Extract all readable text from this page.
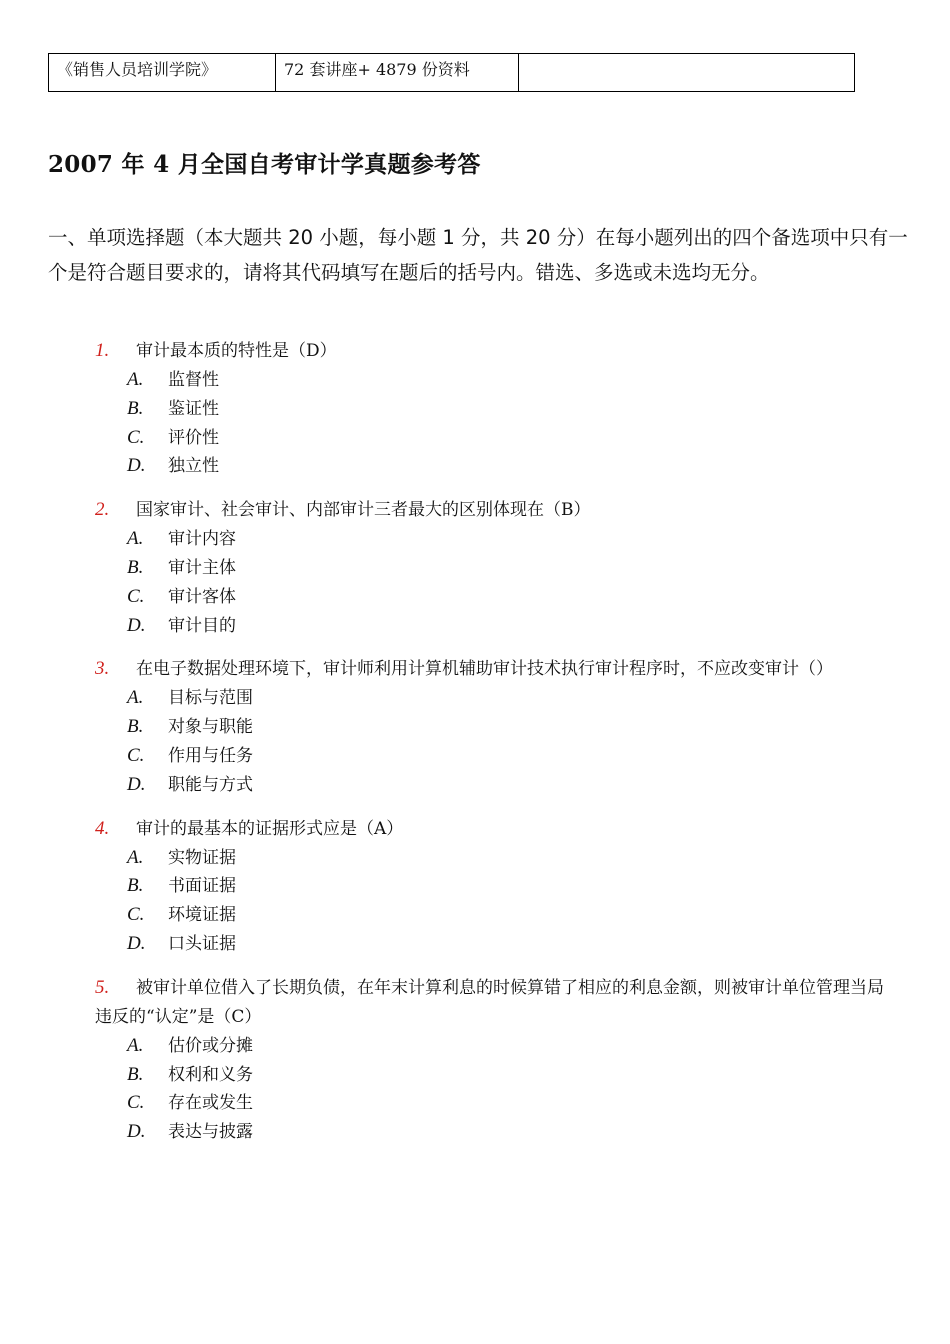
《销售人员培训学院》	72 套讲座+ 4879 份资料	
2007 年 4 月全国自考审计学真题参考答

一、单项选择题（本大题共 20 小题，每小题 1 分，共 20 分）在每小题列出的四个备选项中只有一个是符合题目要求的，请将其代码填写在题后的括号内。错选、多选或未选均无分。

1. 审计最本质的特性是（D）

A. 监督性
B. 鉴证性
C. 评价性
D. 独立性

2. 国家审计、社会审计、内部审计三者最大的区别体现在（B）

A. 审计内容
B. 审计主体
C. 审计客体
D. 审计目的

3. 在电子数据处理环境下，审计师利用计算机辅助审计技术执行审计程序时，不应改变审计（）

A. 目标与范围
B. 对象与职能
C. 作用与任务
D. 职能与方式

4. 审计的最基本的证据形式应是（A）

A. 实物证据
B. 书面证据
C. 环境证据
D. 口头证据

5. 被审计单位借入了长期负债，在年末计算利息的时候算错了相应的利息金额，则被审计单位管理当局违反的“认定”是（C）

A. 估价或分摊
B. 权利和义务
C. 存在或发生
D. 表达与披露
